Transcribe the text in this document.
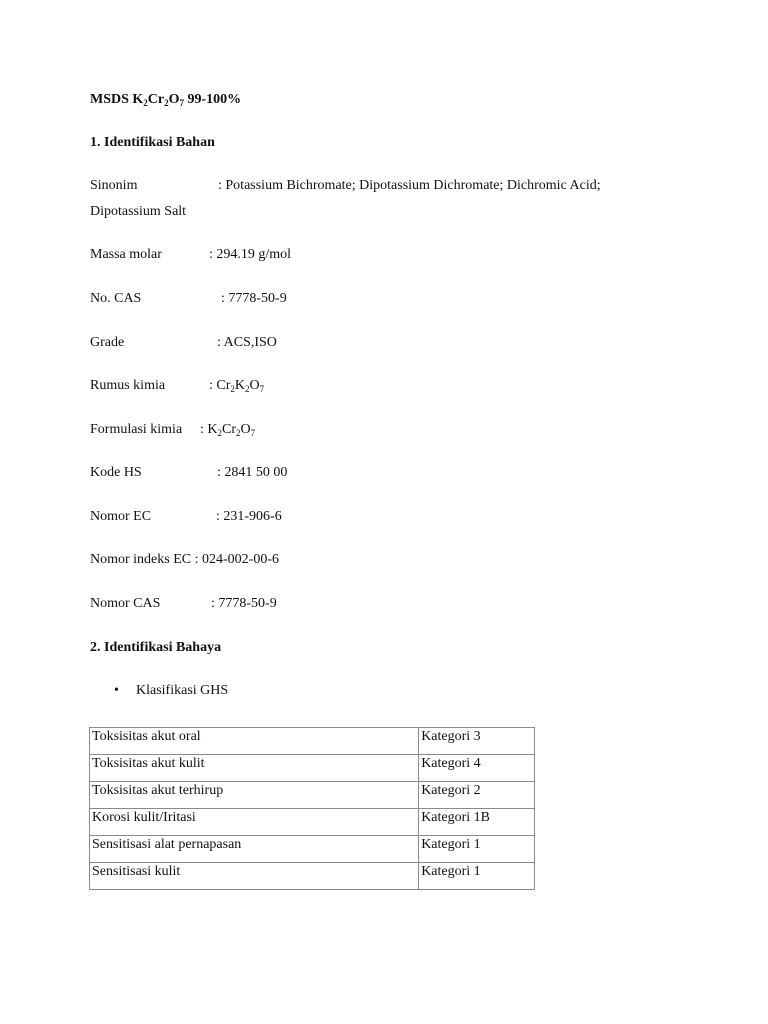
MSDS $K_2Cr_2O_7$ 99-100%
1. Identifikasi Bahan
Sinonim	: Potassium Bichromate; Dipotassium Dichromate; Dichromic Acid;
Dipotassium Salt
Massa molar	: 294.19 g/mol
No. CAS	: 7778-50-9
Grade	: ACS,ISO
Rumus kimia	: $Cr_2K_2O_7$
Formulasi kimia : $K_2Cr_2O_7$
Kode HS	: 2841 50 00
Nomor EC	: 231-906-6
Nomor indeks EC : 024-002-00-6
Nomor CAS	: 7778-50-9
2. Identifikasi Bahaya
• Klasifikasi GHS
Toksisitas akut oral	Kategori 3
Toksisitas akut kulit	Kategori 4
Toksisitas akut terhirup	Kategori 2
Korosi kulit/Iritasi	Kategori 1B
Sensitisasi alat pernapasan	Kategori 1
Sensitisasi kulit	Kategori 1
